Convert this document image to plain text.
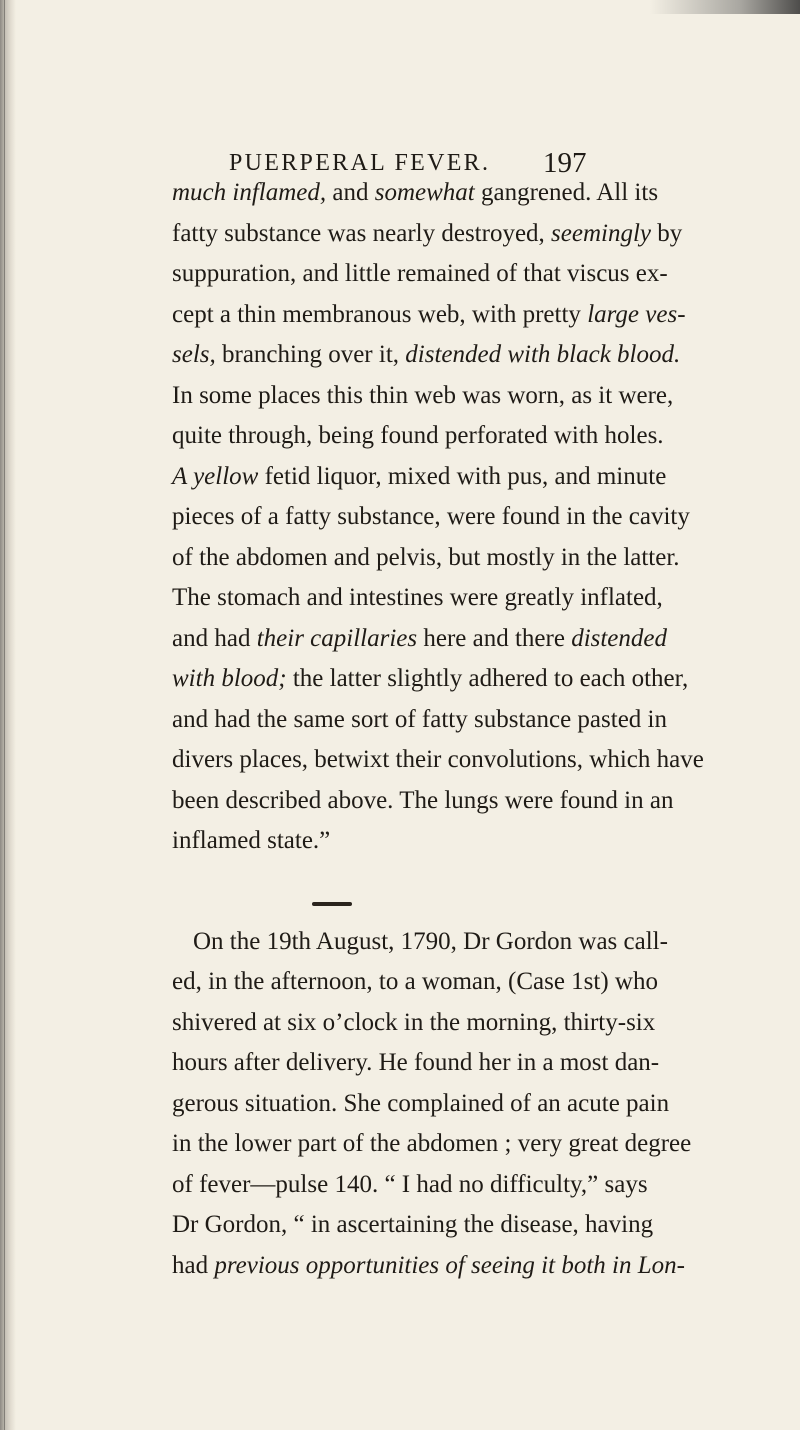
PUERPERAL FEVER. 197
much inflamed, and somewhat gangrened. All its
fatty substance was nearly destroyed, seemingly by
suppuration, and little remained of that viscus ex-
cept a thin membranous web, with pretty large ves-
sels, branching over it, distended with black blood.
In some places this thin web was worn, as it were,
quite through, being found perforated with holes.
A yellow fetid liquor, mixed with pus, and minute
pieces of a fatty substance, were found in the cavity
of the abdomen and pelvis, but mostly in the latter.
The stomach and intestines were greatly inflated,
and had their capillaries here and there distended
with blood; the latter slightly adhered to each other,
and had the same sort of fatty substance pasted in
divers places, betwixt their convolutions, which have
been described above. The lungs were found in an
inflamed state.”
On the 19th August, 1790, Dr Gordon was call-
ed, in the afternoon, to a woman, (Case 1st) who
shivered at six o’clock in the morning, thirty-six
hours after delivery. He found her in a most dan-
gerous situation. She complained of an acute pain
in the lower part of the abdomen ; very great degree
of fever—pulse 140. “ I had no difficulty,” says
Dr Gordon, “ in ascertaining the disease, having
had previous opportunities of seeing it both in Lon-
